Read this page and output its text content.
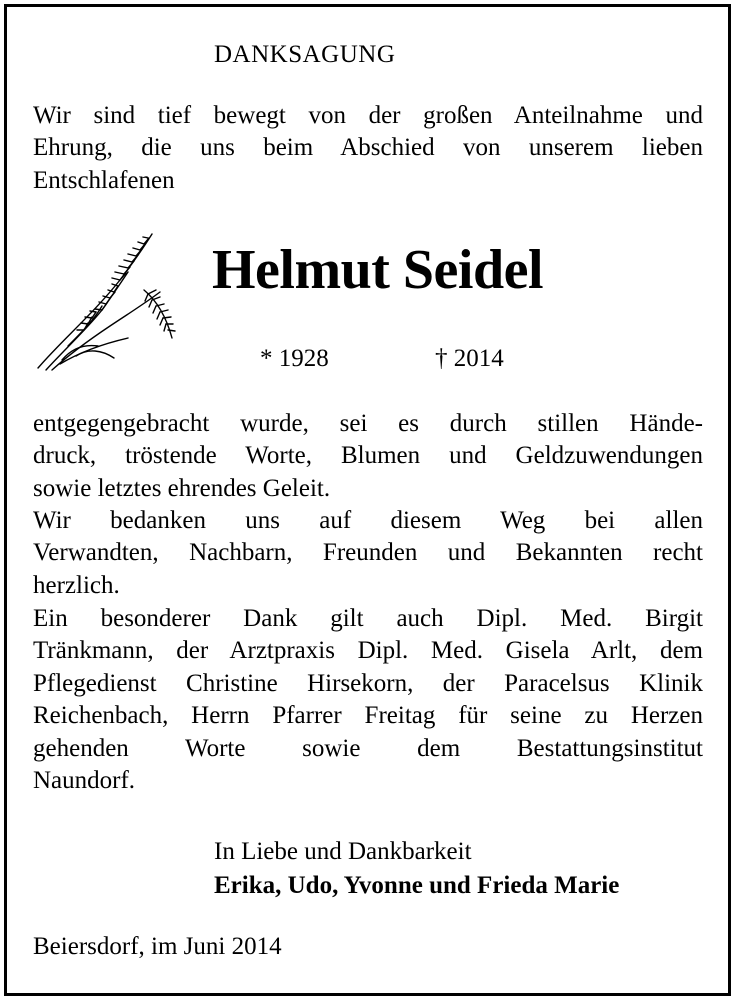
DANKSAGUNG

Wir sind tief bewegt von der großen Anteilnahme und
Ehrung, die uns beim Abschied von unserem lieben
Entschlafenen

Helmut Seidel
* 1928	† 2014

entgegengebracht wurde, sei es durch stillen Hände-
druck, tröstende Worte, Blumen und Geldzuwendungen
sowie letztes ehrendes Geleit.

Wir bedanken uns auf diesem Weg bei allen
Verwandten, Nachbarn, Freunden und Bekannten recht
herzlich.

Ein besonderer Dank gilt auch Dipl. Med. Birgit
Tränkmann, der Arztpraxis Dipl. Med. Gisela Arlt, dem
Pflegedienst Christine Hirsekorn, der Paracelsus Klinik
Reichenbach, Herrn Pfarrer Freitag für seine zu Herzen
gehenden Worte sowie dem Bestattungsinstitut
Naundorf.

In Liebe und Dankbarkeit
Erika, Udo, Yvonne und Frieda Marie
Beiersdorf, im Juni 2014
